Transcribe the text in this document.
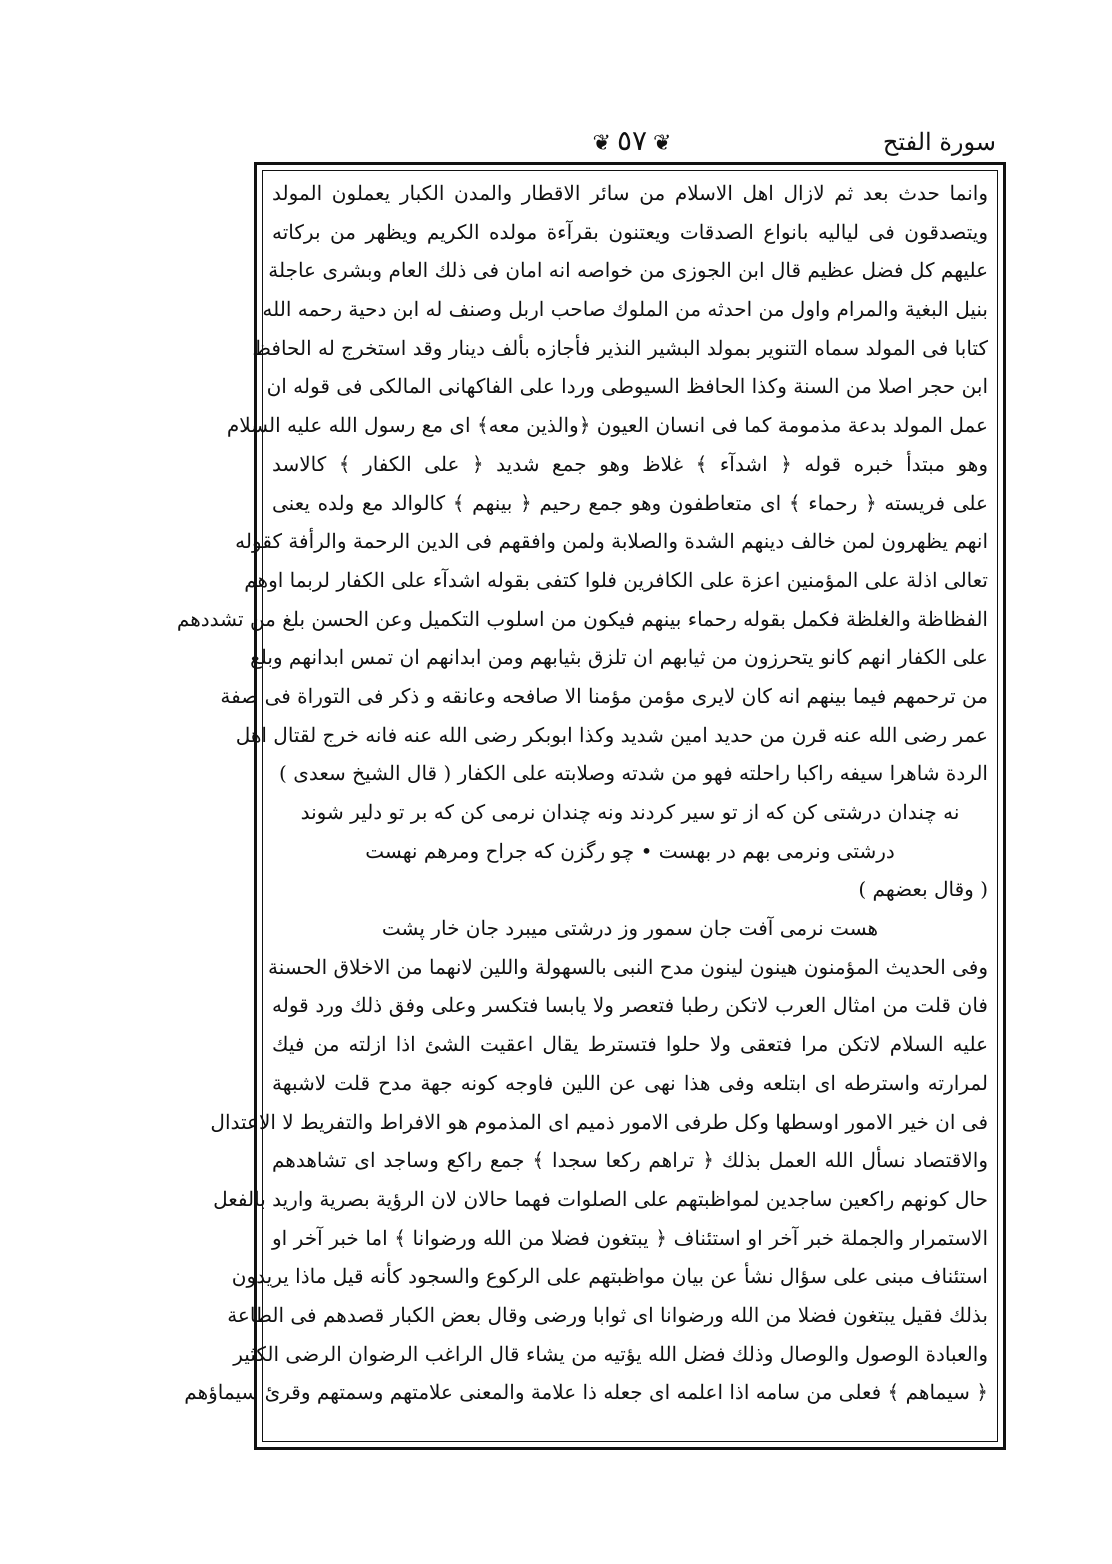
❦٥٧❦	سورة الفتح
وانما حدث بعد ثم لازال اهل الاسلام من سائر الاقطار والمدن الكبار يعملون المولد
ويتصدقون فى لياليه بانواع الصدقات ويعتنون بقرآءة مولده الكريم ويظهر من بركاته
عليهم كل فضل عظيم قال ابن الجوزى من خواصه انه امان فى ذلك العام وبشرى عاجلة
بنيل البغية والمرام واول من احدثه من الملوك صاحب اربل وصنف له ابن دحية رحمه الله
كتابا فى المولد سماه التنوير بمولد البشير النذير فأجازه بألف دينار وقد استخرج له الحافظ
ابن حجر اصلا من السنة وكذا الحافظ السيوطى وردا على الفاكهانى المالكى فى قوله ان
عمل المولد بدعة مذمومة كما فى انسان العيون ﴿والذين معه﴾ اى مع رسول الله عليه السلام
وهو مبتدأ خبره قوله ﴿ اشدآء ﴾ غلاظ وهو جمع شديد ﴿ على الكفار ﴾ كالاسد
على فريسته ﴿ رحماء ﴾ اى متعاطفون وهو جمع رحيم ﴿ بينهم ﴾ كالوالد مع ولده يعنى
انهم يظهرون لمن خالف دينهم الشدة والصلابة ولمن وافقهم فى الدين الرحمة والرأفة كقوله
تعالى اذلة على المؤمنين اعزة على الكافرين فلوا كتفى بقوله اشدآء على الكفار لربما اوهم
الفظاظة والغلظة فكمل بقوله رحماء بينهم فيكون من اسلوب التكميل وعن الحسن بلغ من تشددهم
على الكفار انهم كانو يتحرزون من ثيابهم ان تلزق بثيابهم ومن ابدانهم ان تمس ابدانهم وبلغ
من ترحمهم فيما بينهم انه كان لايرى مؤمن مؤمنا الا صافحه وعانقه و ذكر فى التوراة فى صفة
عمر رضى الله عنه قرن من حديد امين شديد وكذا ابوبكر رضى الله عنه فانه خرج لقتال اهل
الردة شاهرا سيفه راكبا راحلته فهو من شدته وصلابته على الكفار ( قال الشيخ سعدى )
نه چندان درشتى كن كه از تو سير كردند ونه چندان نرمى كن كه بر تو دلير شوند
درشتى ونرمى بهم در بهست • چو رگزن كه جراح ومرهم نهست
( وقال بعضهم )
هست نرمى آفت جان سمور وز درشتى ميبرد جان خار پشت
وفى الحديث المؤمنون هينون لينون مدح النبى بالسهولة واللين لانهما من الاخلاق الحسنة
فان قلت من امثال العرب لاتكن رطبا فتعصر ولا يابسا فتكسر وعلى وفق ذلك ورد قوله
عليه السلام لاتكن مرا فتعقى ولا حلوا فتسترط يقال اعقيت الشئ اذا ازلته من فيك
لمرارته واسترطه اى ابتلعه وفى هذا نهى عن اللين فاوجه كونه جهة مدح قلت لاشبهة
فى ان خير الامور اوسطها وكل طرفى الامور ذميم اى المذموم هو الافراط والتفريط لا الاعتدال
والاقتصاد نسأل الله العمل بذلك ﴿ تراهم ركعا سجدا ﴾ جمع راكع وساجد اى تشاهدهم
حال كونهم راكعين ساجدين لمواظبتهم على الصلوات فهما حالان لان الرؤية بصرية واريد بالفعل
الاستمرار والجملة خبر آخر او استئناف ﴿ يبتغون فضلا من الله ورضوانا ﴾ اما خبر آخر او
استئناف مبنى على سؤال نشأ عن بيان مواظبتهم على الركوع والسجود كأنه قيل ماذا يريدون
بذلك فقيل يبتغون فضلا من الله ورضوانا اى ثوابا ورضى وقال بعض الكبار قصدهم فى الطاعة
والعبادة الوصول والوصال وذلك فضل الله يؤتيه من يشاء قال الراغب الرضوان الرضى الكثير
﴿ سيماهم ﴾ فعلى من سامه اذا اعلمه اى جعله ذا علامة والمعنى علامتهم وسمتهم وقرئ سيماؤهم
